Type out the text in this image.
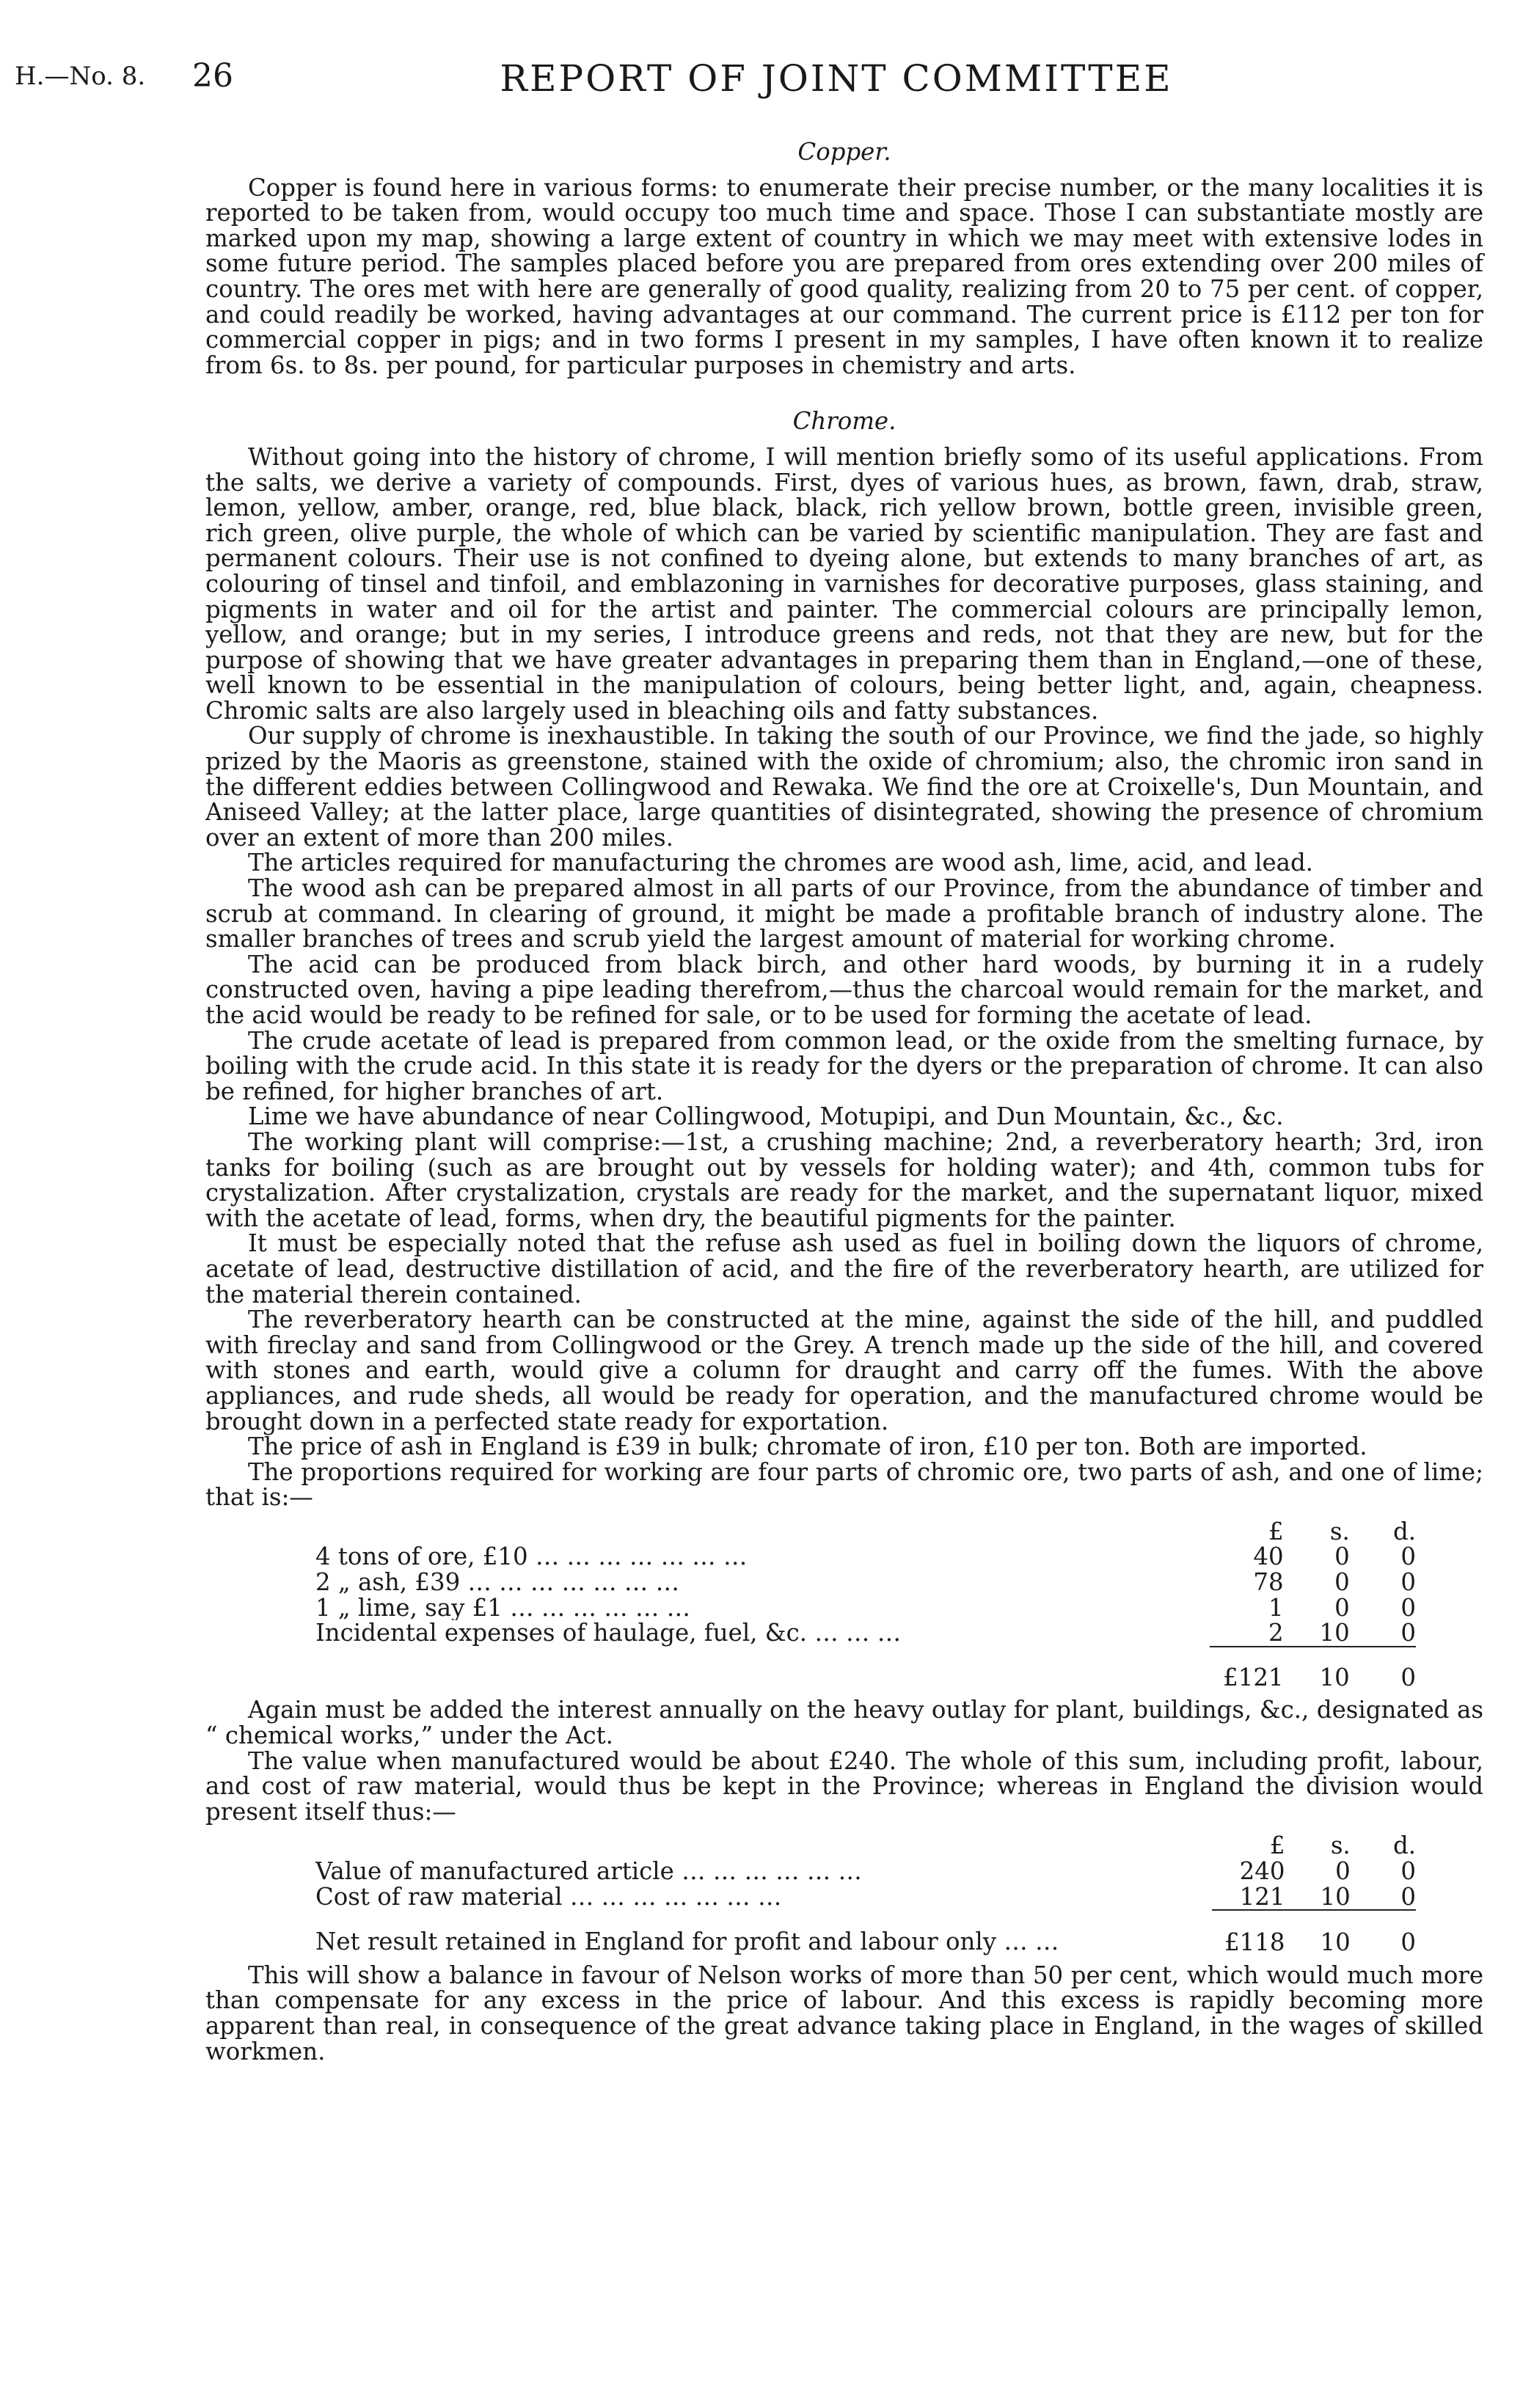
H.—No. 8. 26	REPORT OF JOINT COMMITTEE
Copper.

Copper is found here in various forms: to enumerate their precise number, or the many localities it is reported to be taken from, would occupy too much time and space. Those I can substantiate mostly are marked upon my map, showing a large extent of country in which we may meet with extensive lodes in some future period. The samples placed before you are prepared from ores extending over 200 miles of country. The ores met with here are generally of good quality, realizing from 20 to 75 per cent. of copper, and could readily be worked, having advantages at our command. The current price is £112 per ton for commercial copper in pigs; and in two forms I present in my samples, I have often known it to realize from 6s. to 8s. per pound, for particular purposes in chemistry and arts.

Chrome.

Without going into the history of chrome, I will mention briefly somo of its useful applications. From the salts, we derive a variety of compounds. First, dyes of various hues, as brown, fawn, drab, straw, lemon, yellow, amber, orange, red, blue black, black, rich yellow brown, bottle green, invisible green, rich green, olive purple, the whole of which can be varied by scientific manipulation. They are fast and permanent colours. Their use is not confined to dyeing alone, but extends to many branches of art, as colouring of tinsel and tinfoil, and emblazoning in varnishes for decorative purposes, glass staining, and pigments in water and oil for the artist and painter. The commercial colours are principally lemon, yellow, and orange; but in my series, I introduce greens and reds, not that they are new, but for the purpose of showing that we have greater advantages in preparing them than in England,—one of these, well known to be essential in the manipulation of colours, being better light, and, again, cheapness. Chromic salts are also largely used in bleaching oils and fatty substances.

Our supply of chrome is inexhaustible. In taking the south of our Province, we find the jade, so highly prized by the Maoris as greenstone, stained with the oxide of chromium; also, the chromic iron sand in the different eddies between Collingwood and Rewaka. We find the ore at Croixelle's, Dun Mountain, and Aniseed Valley; at the latter place, large quantities of disintegrated, showing the presence of chromium over an extent of more than 200 miles.

The articles required for manufacturing the chromes are wood ash, lime, acid, and lead.

The wood ash can be prepared almost in all parts of our Province, from the abundance of timber and scrub at command. In clearing of ground, it might be made a profitable branch of industry alone. The smaller branches of trees and scrub yield the largest amount of material for working chrome.

The acid can be produced from black birch, and other hard woods, by burning it in a rudely constructed oven, having a pipe leading therefrom,—thus the charcoal would remain for the market, and the acid would be ready to be refined for sale, or to be used for forming the acetate of lead.

The crude acetate of lead is prepared from common lead, or the oxide from the smelting furnace, by boiling with the crude acid. In this state it is ready for the dyers or the preparation of chrome. It can also be refined, for higher branches of art.

Lime we have abundance of near Collingwood, Motupipi, and Dun Mountain, &c., &c.

The working plant will comprise:—1st, a crushing machine; 2nd, a reverberatory hearth; 3rd, iron tanks for boiling (such as are brought out by vessels for holding water); and 4th, common tubs for crystalization. After crystalization, crystals are ready for the market, and the supernatant liquor, mixed with the acetate of lead, forms, when dry, the beautiful pigments for the painter.

It must be especially noted that the refuse ash used as fuel in boiling down the liquors of chrome, acetate of lead, destructive distillation of acid, and the fire of the reverberatory hearth, are utilized for the material therein contained.

The reverberatory hearth can be constructed at the mine, against the side of the hill, and puddled with fireclay and sand from Collingwood or the Grey. A trench made up the side of the hill, and covered with stones and earth, would give a column for draught and carry off the fumes. With the above appliances, and rude sheds, all would be ready for operation, and the manufactured chrome would be brought down in a perfected state ready for exportation.

The price of ash in England is £39 in bulk; chromate of iron, £10 per ton. Both are imported.

The proportions required for working are four parts of chromic ore, two parts of ash, and one of lime; that is:—

	£	s.	d.
4 tons of ore, £10 … … … … … … …	40	0	0
2 „ ash, £39 … … … … … … …	78	0	0
1 „ lime, say £1 … … … … … …	1	0	0
Incidental expenses of haulage, fuel, &c. … … …	2	10	0
	£121	10	0

Again must be added the interest annually on the heavy outlay for plant, buildings, &c., designated as “ chemical works,” under the Act.

The value when manufactured would be about £240. The whole of this sum, including profit, labour, and cost of raw material, would thus be kept in the Province; whereas in England the division would present itself thus:—

	£	s.	d.
Value of manufactured article … … … … … …	240	0	0
Cost of raw material … … … … … … …	121	10	0
Net result retained in England for profit and labour only … …	£118	10	0

This will show a balance in favour of Nelson works of more than 50 per cent, which would much more than compensate for any excess in the price of labour. And this excess is rapidly becoming more apparent than real, in consequence of the great advance taking place in England, in the wages of skilled workmen.
